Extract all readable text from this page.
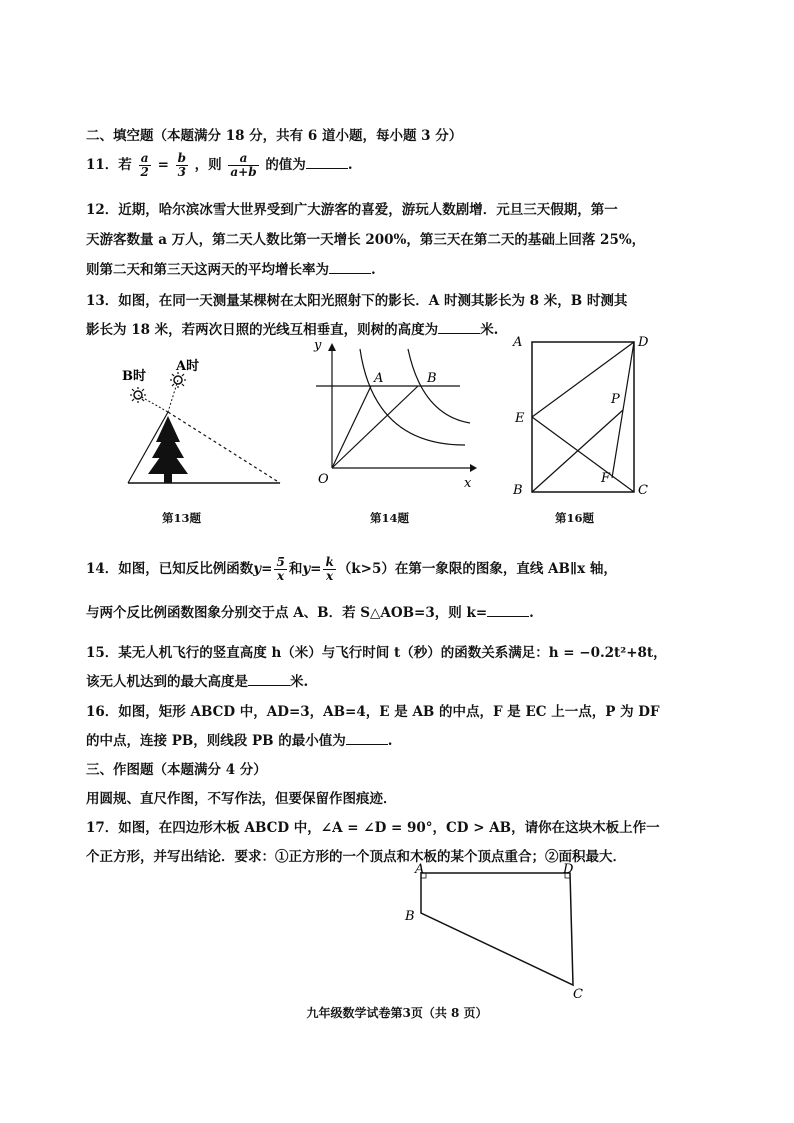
二、填空题（本题满分 18 分，共有 6 道小题，每小题 3 分）
11．若 $\frac{a}{2} = \frac{b}{3}$ ，则 $\frac{a}{a+b}$ 的值为	.
12．近期，哈尔滨冰雪大世界受到广大游客的喜爱，游玩人数剧增．元旦三天假期，第一
天游客数量 a 万人，第二天人数比第一天增长 200%，第三天在第二天的基础上回落 25%，
则第二天和第三天这两天的平均增长率为	.
13．如图，在同一天测量某棵树在太阳光照射下的影长．A 时测其影长为 8 米，B 时测其
影长为 18 米，若两次日照的光线互相垂直，则树的高度为	米.
B时
A时
第13题
y
x
O
A	B
第14题
A	D
E
P
B
F
C
第16题
14．如图，已知反比例函数$y= \frac{5}{x}$ 和$y= \frac{k}{x} (k>5)$在第一象限的图象，直线 AB∥x 轴，
与两个反比例函数图象分别交于点 A、B．若 S△AOB=3，则 k=	.
15．某无人机飞行的竖直高度 h（米）与飞行时间 t（秒）的函数关系满足：h = −0.2t²+8t，
该无人机达到的最大高度是	米.
16．如图，矩形 ABCD 中，AD=3，AB=4，E 是 AB 的中点，F 是 EC 上一点，P 为 DF
的中点，连接 PB，则线段 PB 的最小值为	.
三、作图题（本题满分 4 分）
用圆规、直尺作图，不写作法，但要保留作图痕迹．
17．如图，在四边形木板 ABCD 中，∠A = ∠D = 90°，CD > AB，请你在这块木板上作一
个正方形，并写出结论．要求：①正方形的一个顶点和木板的某个顶点重合；②面积最大．
A	D
B
C
九年级数学试卷第3页（共 8 页）
